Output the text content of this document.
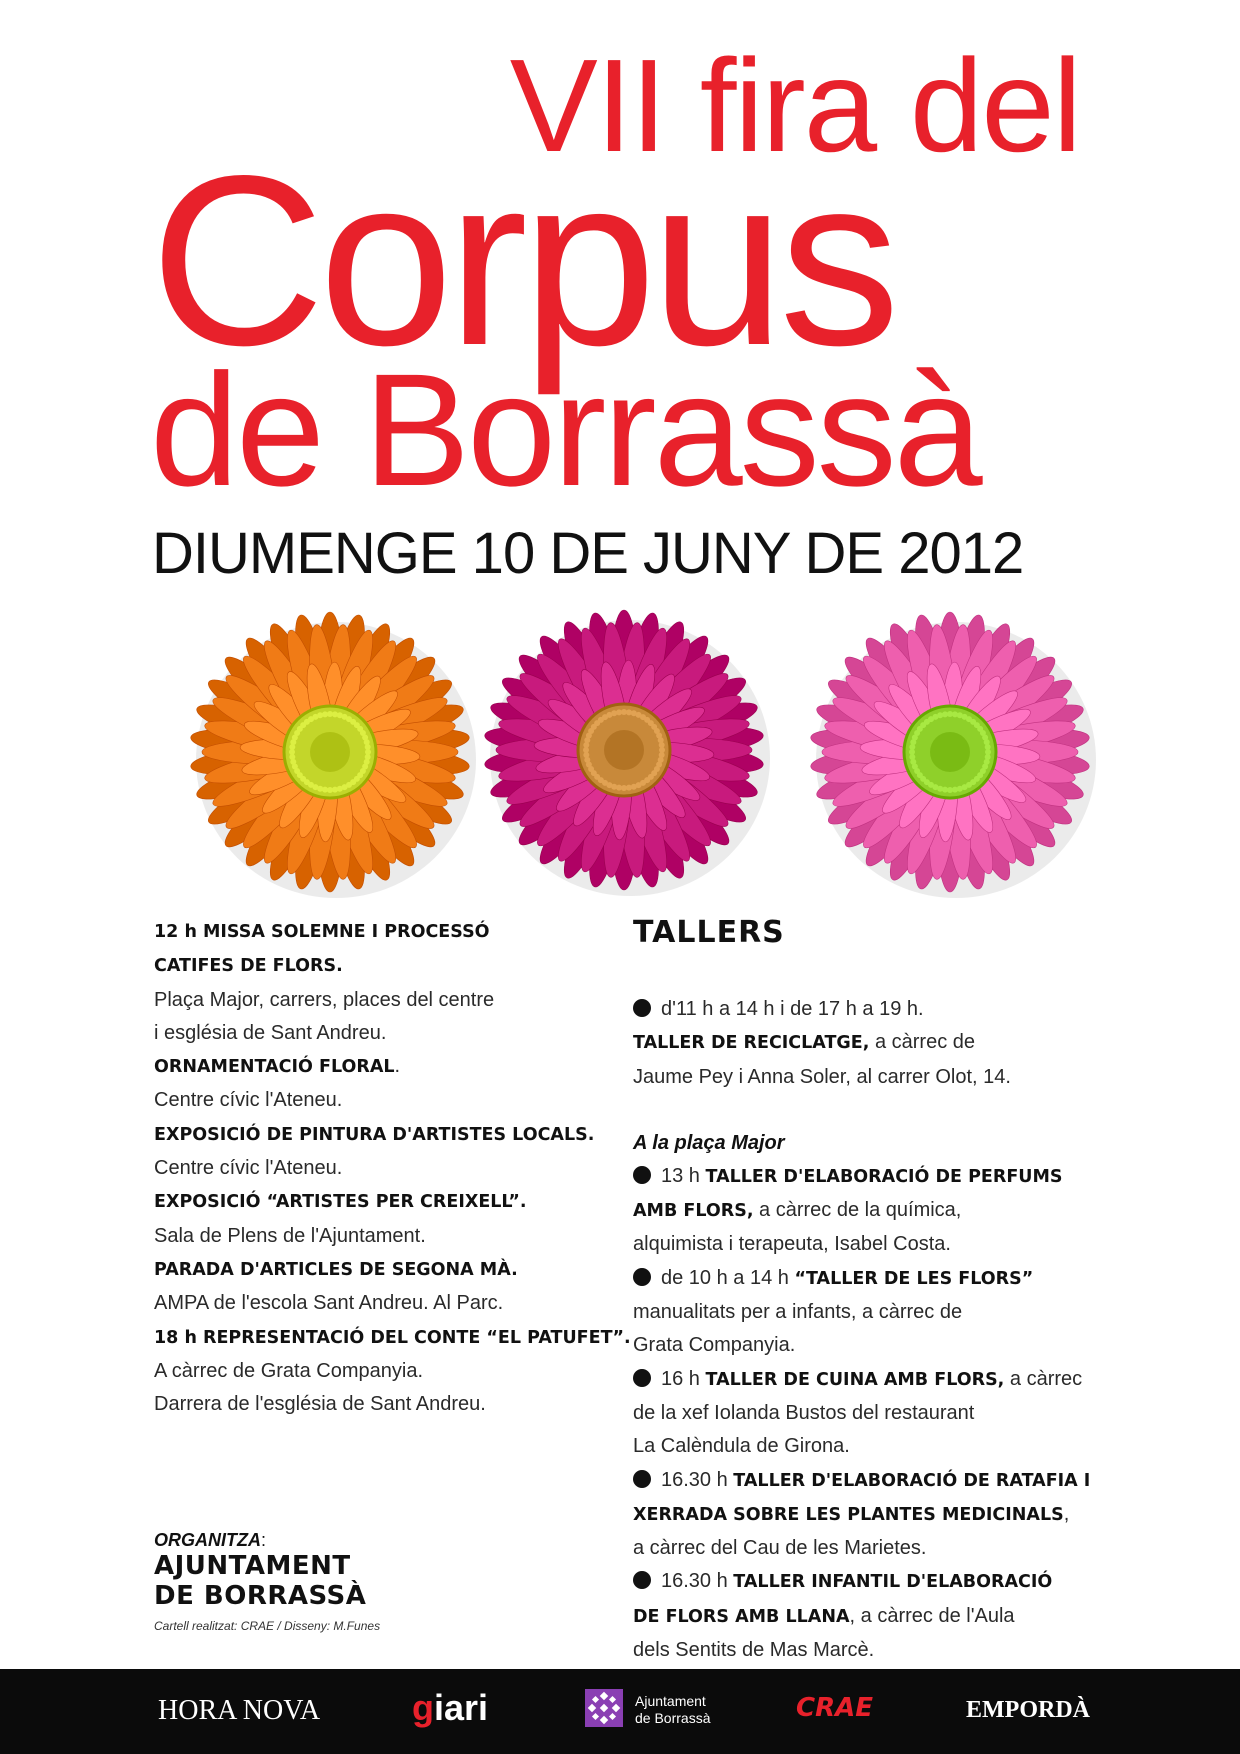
VII fira del
Corpus
de Borrassà
DIUMENGE 10 DE JUNY DE 2012
12 h MISSA SOLEMNE I PROCESSÓ
CATIFES DE FLORS.
Plaça Major, carrers, places del centre
i església de Sant Andreu.
ORNAMENTACIÓ FLORAL.
Centre cívic l'Ateneu.
EXPOSICIÓ DE PINTURA D'ARTISTES LOCALS.
Centre cívic l'Ateneu.
EXPOSICIÓ “ARTISTES PER CREIXELL”.
Sala de Plens de l'Ajuntament.
PARADA D'ARTICLES DE SEGONA MÀ.
AMPA de l'escola Sant Andreu. Al Parc.
18 h REPRESENTACIÓ DEL CONTE “EL PATUFET”.
A càrrec de Grata Companyia.
Darrera de l'església de Sant Andreu.
TALLERS
d'11 h a 14 h i de 17 h a 19 h.
TALLER DE RECICLATGE, a càrrec de
Jaume Pey i Anna Soler, al carrer Olot, 14.
A la plaça Major
13 h TALLER D'ELABORACIÓ DE PERFUMS
AMB FLORS, a càrrec de la química,
alquimista i terapeuta, Isabel Costa.
de 10 h a 14 h “TALLER DE LES FLORS”
manualitats per a infants, a càrrec de
Grata Companyia.
16 h TALLER DE CUINA AMB FLORS, a càrrec
de la xef Iolanda Bustos del restaurant
La Calèndula de Girona.
16.30 h TALLER D'ELABORACIÓ DE RATAFIA I
XERRADA SOBRE LES PLANTES MEDICINALS,
a càrrec del Cau de les Marietes.
16.30 h TALLER INFANTIL D'ELABORACIÓ
DE FLORS AMB LLANA, a càrrec de l'Aula
dels Sentits de Mas Marcè.
ORGANITZA:
AJUNTAMENT
DE BORRASSÀ
Cartell realitzat: CRAE / Disseny: M.Funes
HORA NOVA	giari	Ajuntament
de Borrassà	CRAE	EMPORDÀ
